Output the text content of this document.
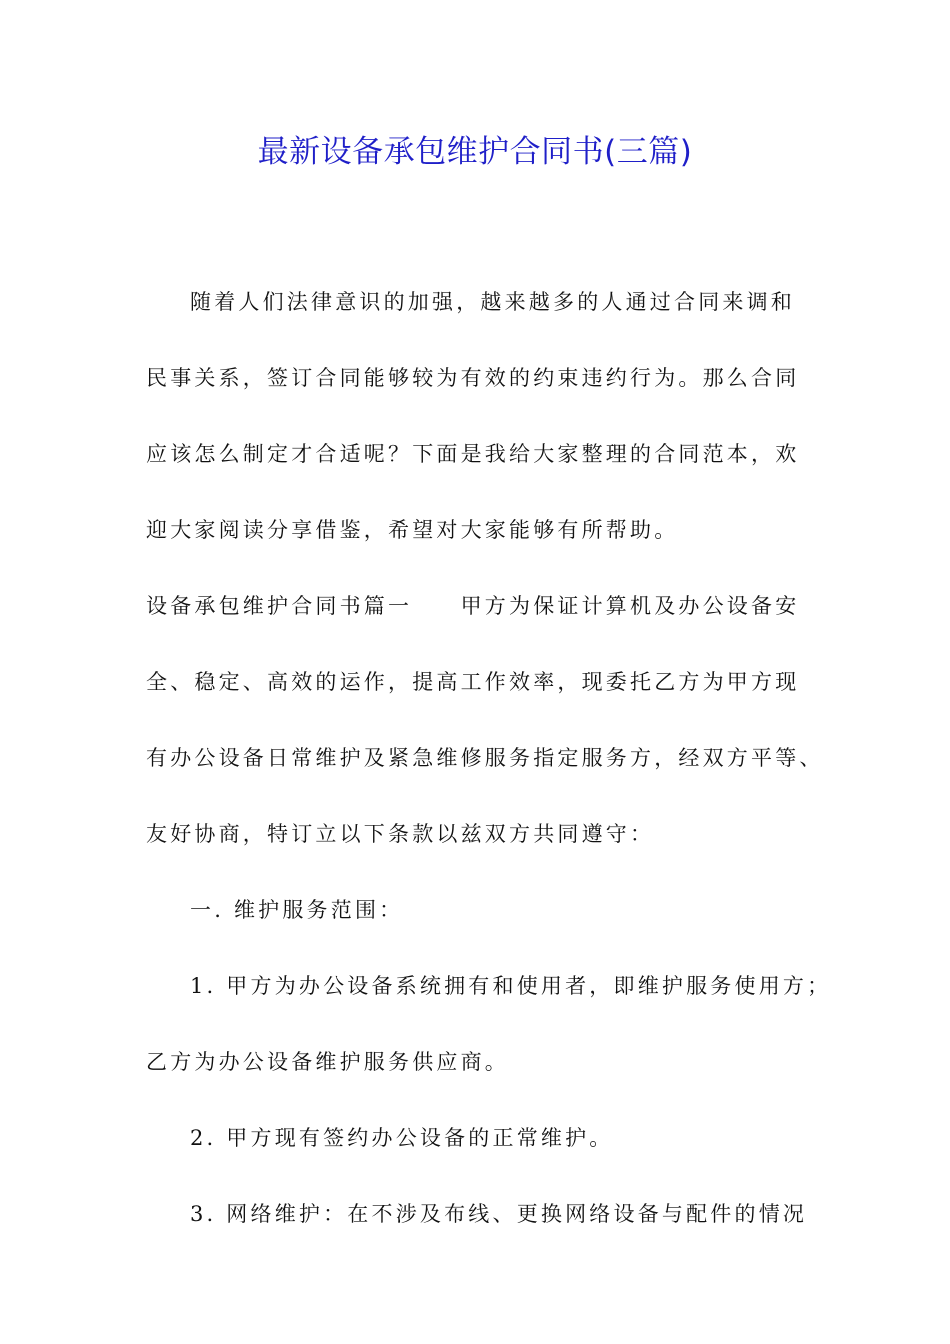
最新设备承包维护合同书(三篇)
随着人们法律意识的加强，越来越多的人通过合同来调和
民事关系，签订合同能够较为有效的约束违约行为。那么合同
应该怎么制定才合适呢？下面是我给大家整理的合同范本，欢
迎大家阅读分享借鉴，希望对大家能够有所帮助。
设备承包维护合同书篇一　　甲方为保证计算机及办公设备安
全、稳定、高效的运作，提高工作效率，现委托乙方为甲方现
有办公设备日常维护及紧急维修服务指定服务方，经双方平等、
友好协商，特订立以下条款以兹双方共同遵守：
一. 维护服务范围：
1. 甲方为办公设备系统拥有和使用者，即维护服务使用方；
乙方为办公设备维护服务供应商。
2. 甲方现有签约办公设备的正常维护。
3. 网络维护：在不涉及布线、更换网络设备与配件的情况
